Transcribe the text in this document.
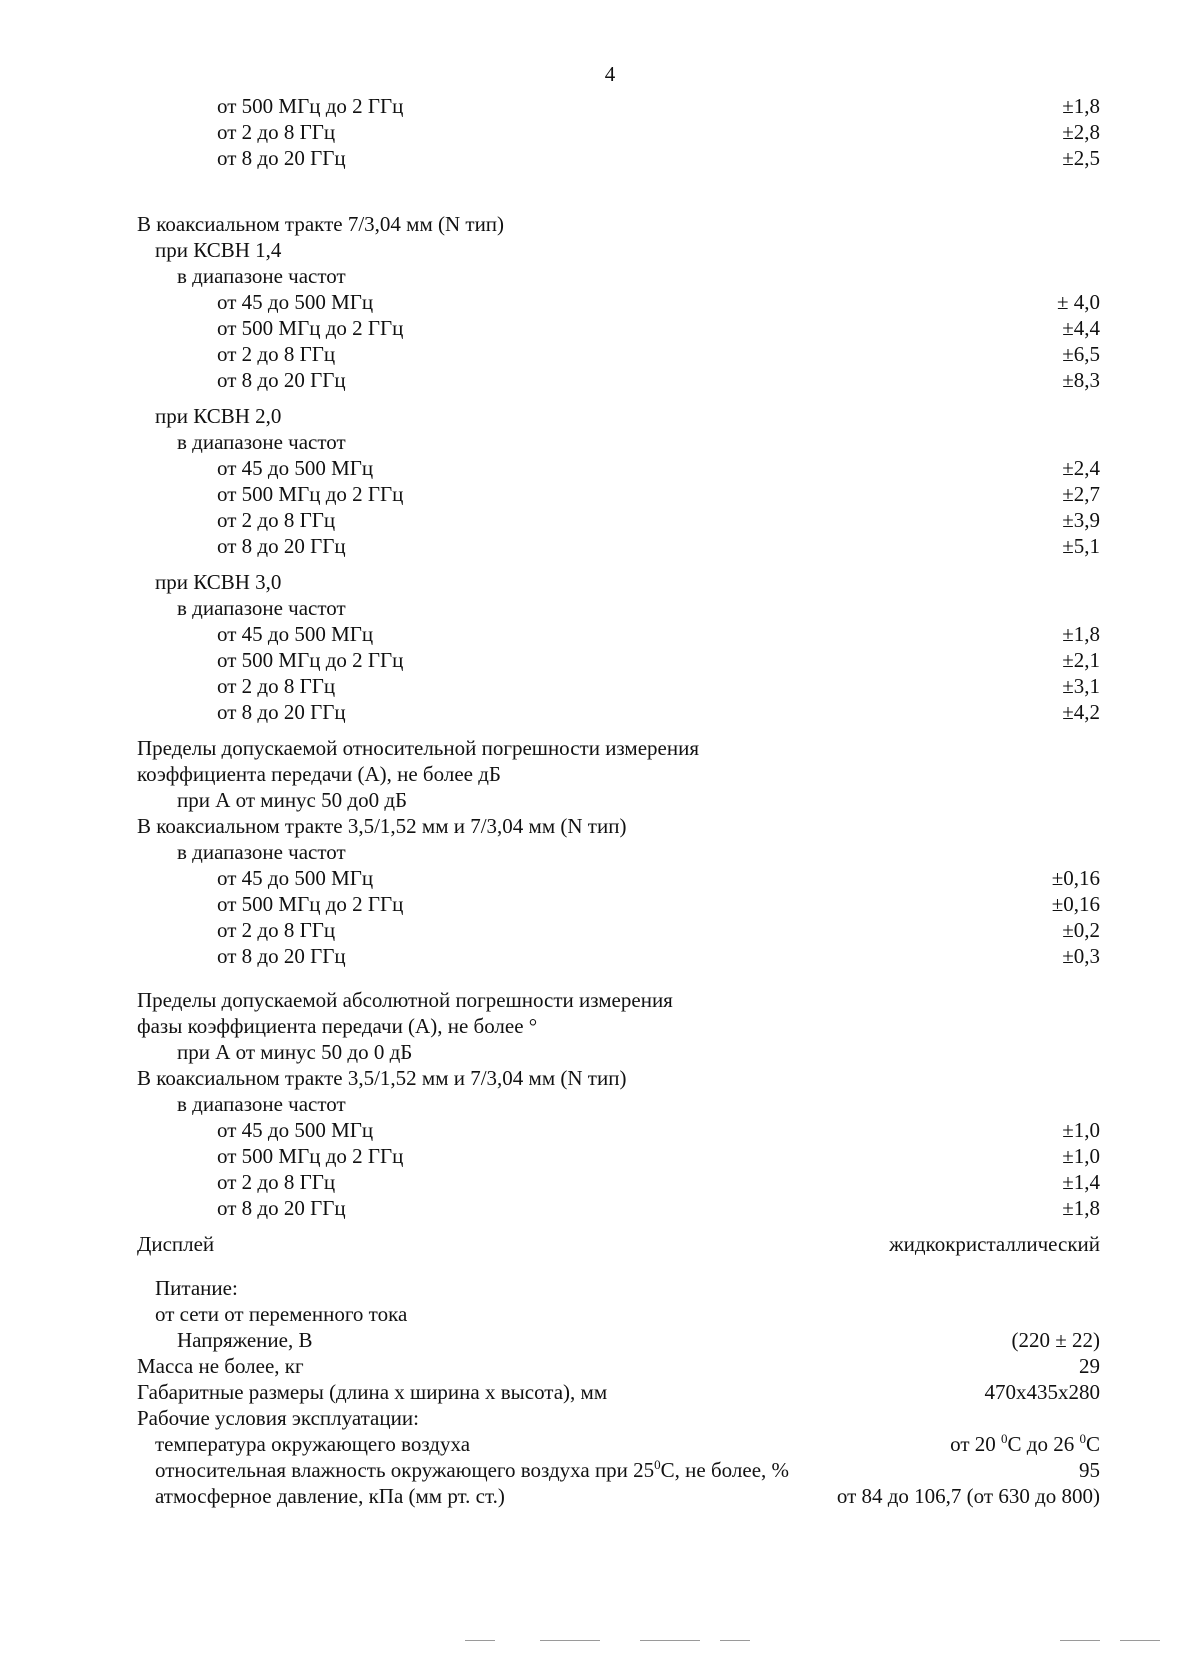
4
от 500 МГц до 2 ГГц	±1,8
от 2 до 8 ГГц	±2,8
от 8 до 20 ГГц	±2,5
В коаксиальном тракте 7/3,04 мм (N тип)
при КСВН 1,4
в диапазоне частот
от 45 до 500 МГц	± 4,0
от 500 МГц до 2 ГГц	±4,4
от 2 до 8 ГГц	±6,5
от 8 до 20 ГГц	±8,3
при КСВН 2,0
в диапазоне частот
от 45 до 500 МГц	±2,4
от 500 МГц до 2 ГГц	±2,7
от 2 до 8 ГГц	±3,9
от 8 до 20 ГГц	±5,1
при КСВН 3,0
в диапазоне частот
от 45 до 500 МГц	±1,8
от 500 МГц до 2 ГГц	±2,1
от 2 до 8 ГГц	±3,1
от 8 до 20 ГГц	±4,2
Пределы допускаемой относительной погрешности измерения
коэффициента передачи (А), не более дБ
при А от минус 50 до0 дБ
В коаксиальном тракте 3,5/1,52 мм и 7/3,04 мм (N тип)
в диапазоне частот
от 45 до 500 МГц	±0,16
от 500 МГц до 2 ГГц	±0,16
от 2 до 8 ГГц	±0,2
от 8 до 20 ГГц	±0,3
Пределы допускаемой абсолютной погрешности измерения
фазы коэффициента передачи (А), не более °
при А от минус 50 до 0 дБ
В коаксиальном тракте 3,5/1,52 мм и 7/3,04 мм (N тип)
в диапазоне частот
от 45 до 500 МГц	±1,0
от 500 МГц до 2 ГГц	±1,0
от 2 до 8 ГГц	±1,4
от 8 до 20 ГГц	±1,8
Дисплей	жидкокристаллический
Питание:
от сети от переменного тока
Напряжение, В	(220 ± 22)
Масса не более, кг	29
Габаритные размеры (длина х ширина х высота), мм	470х435х280
Рабочие условия эксплуатации:
температура окружающего воздуха	от 20 $^0$C до 26 $^0$C
относительная влажность окружающего воздуха при $25^0C$, не более, %	95
атмосферное давление, кПа (мм рт. ст.)	от 84 до 106,7 (от 630 до 800)
